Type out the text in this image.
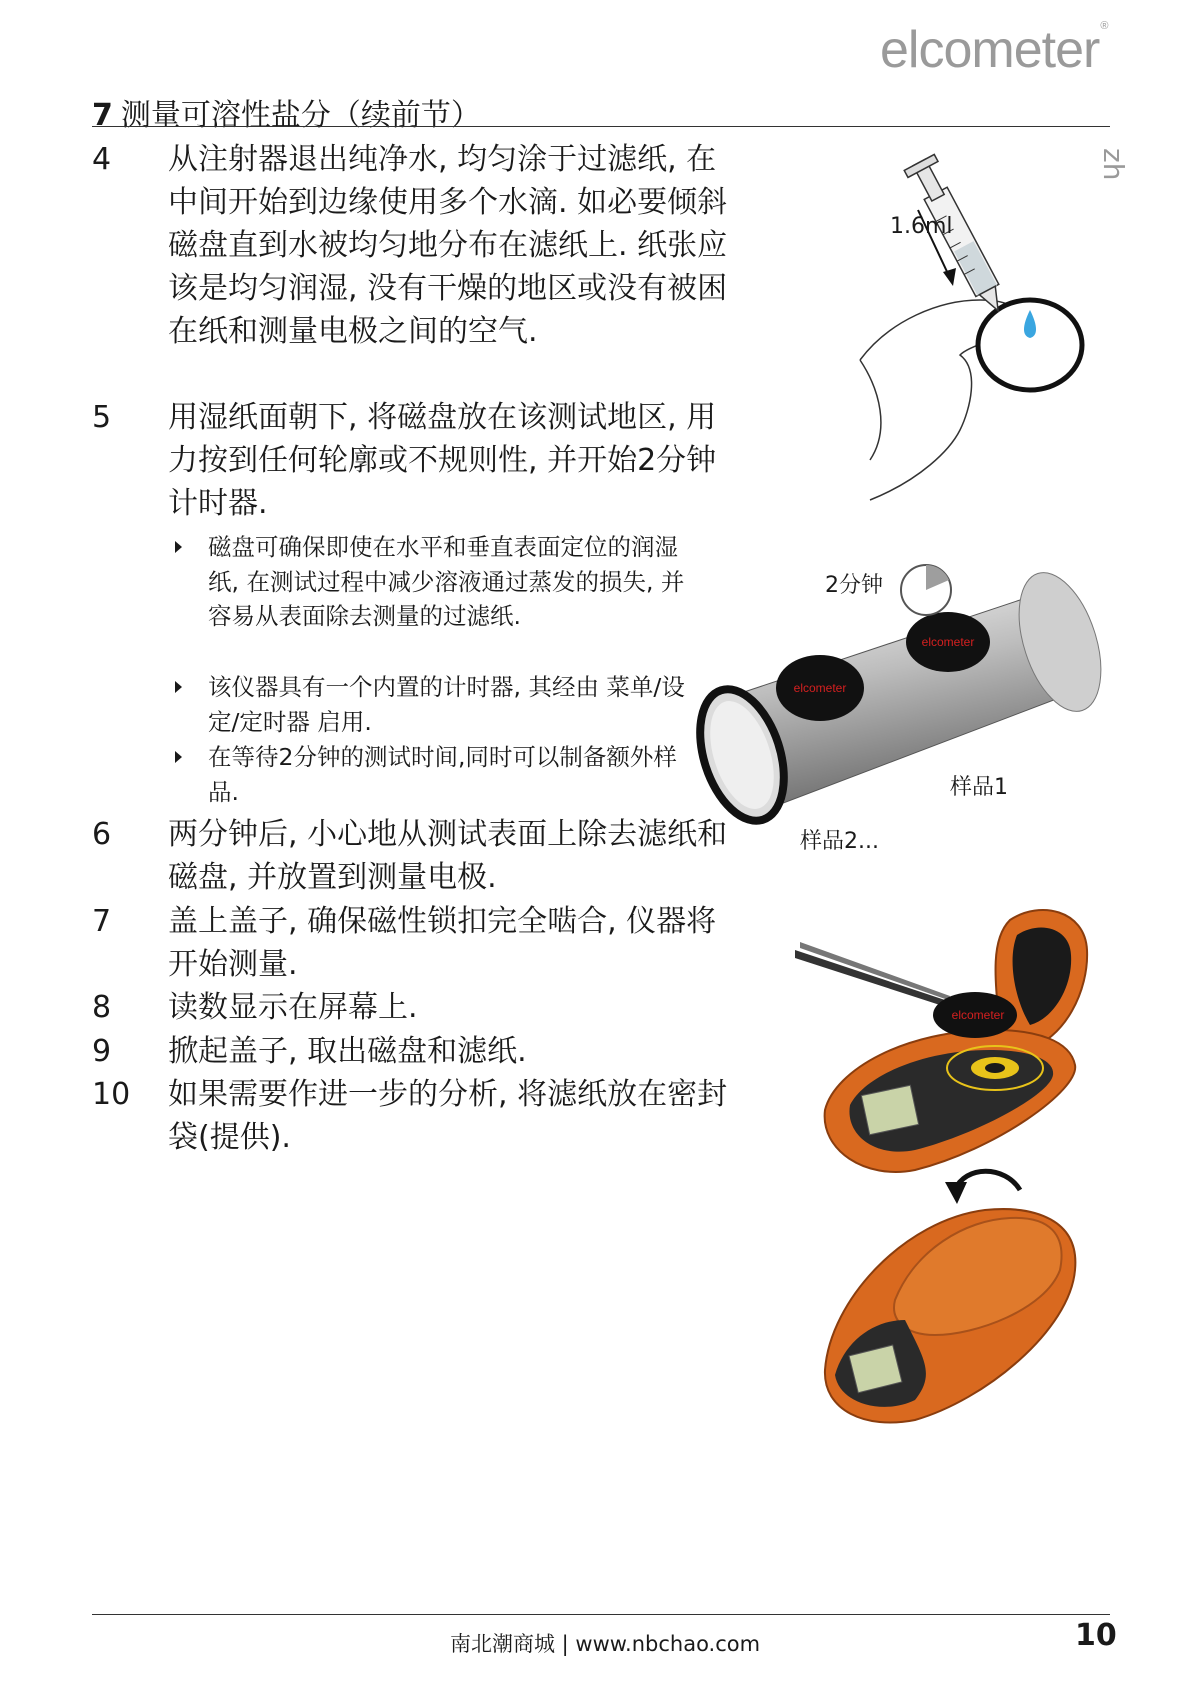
elcometer®
7 测量可溶性盐分（续前节）
zh
4	从注射器退出纯净水, 均匀涂于过滤纸, 在中间开始到边缘使用多个水滴. 如必要倾斜磁盘直到水被均匀地分布在滤纸上. 纸张应该是均匀润湿, 没有干燥的地区或没有被困在纸和测量电极之间的空气.
5	用湿纸面朝下, 将磁盘放在该测试地区, 用力按到任何轮廓或不规则性, 并开始2分钟计时器.
磁盘可确保即使在水平和垂直表面定位的润湿纸, 在测试过程中减少溶液通过蒸发的损失, 并容易从表面除去测量的过滤纸.
该仪器具有一个内置的计时器, 其经由 菜单/设定/定时器 启用.
在等待2分钟的测试时间,同时可以制备额外样品.
6	两分钟后, 小心地从测试表面上除去滤纸和磁盘, 并放置到测量电极.
7	盖上盖子, 确保磁性锁扣完全啮合, 仪器将开始测量.
8	读数显示在屏幕上.
9	掀起盖子, 取出磁盘和滤纸.
10	如果需要作进一步的分析, 将滤纸放在密封袋(提供).
1.6ml
elcometer
elcometer
2分钟
样品1
样品2...
elcometer
南北潮商城 | www.nbchao.com	10
